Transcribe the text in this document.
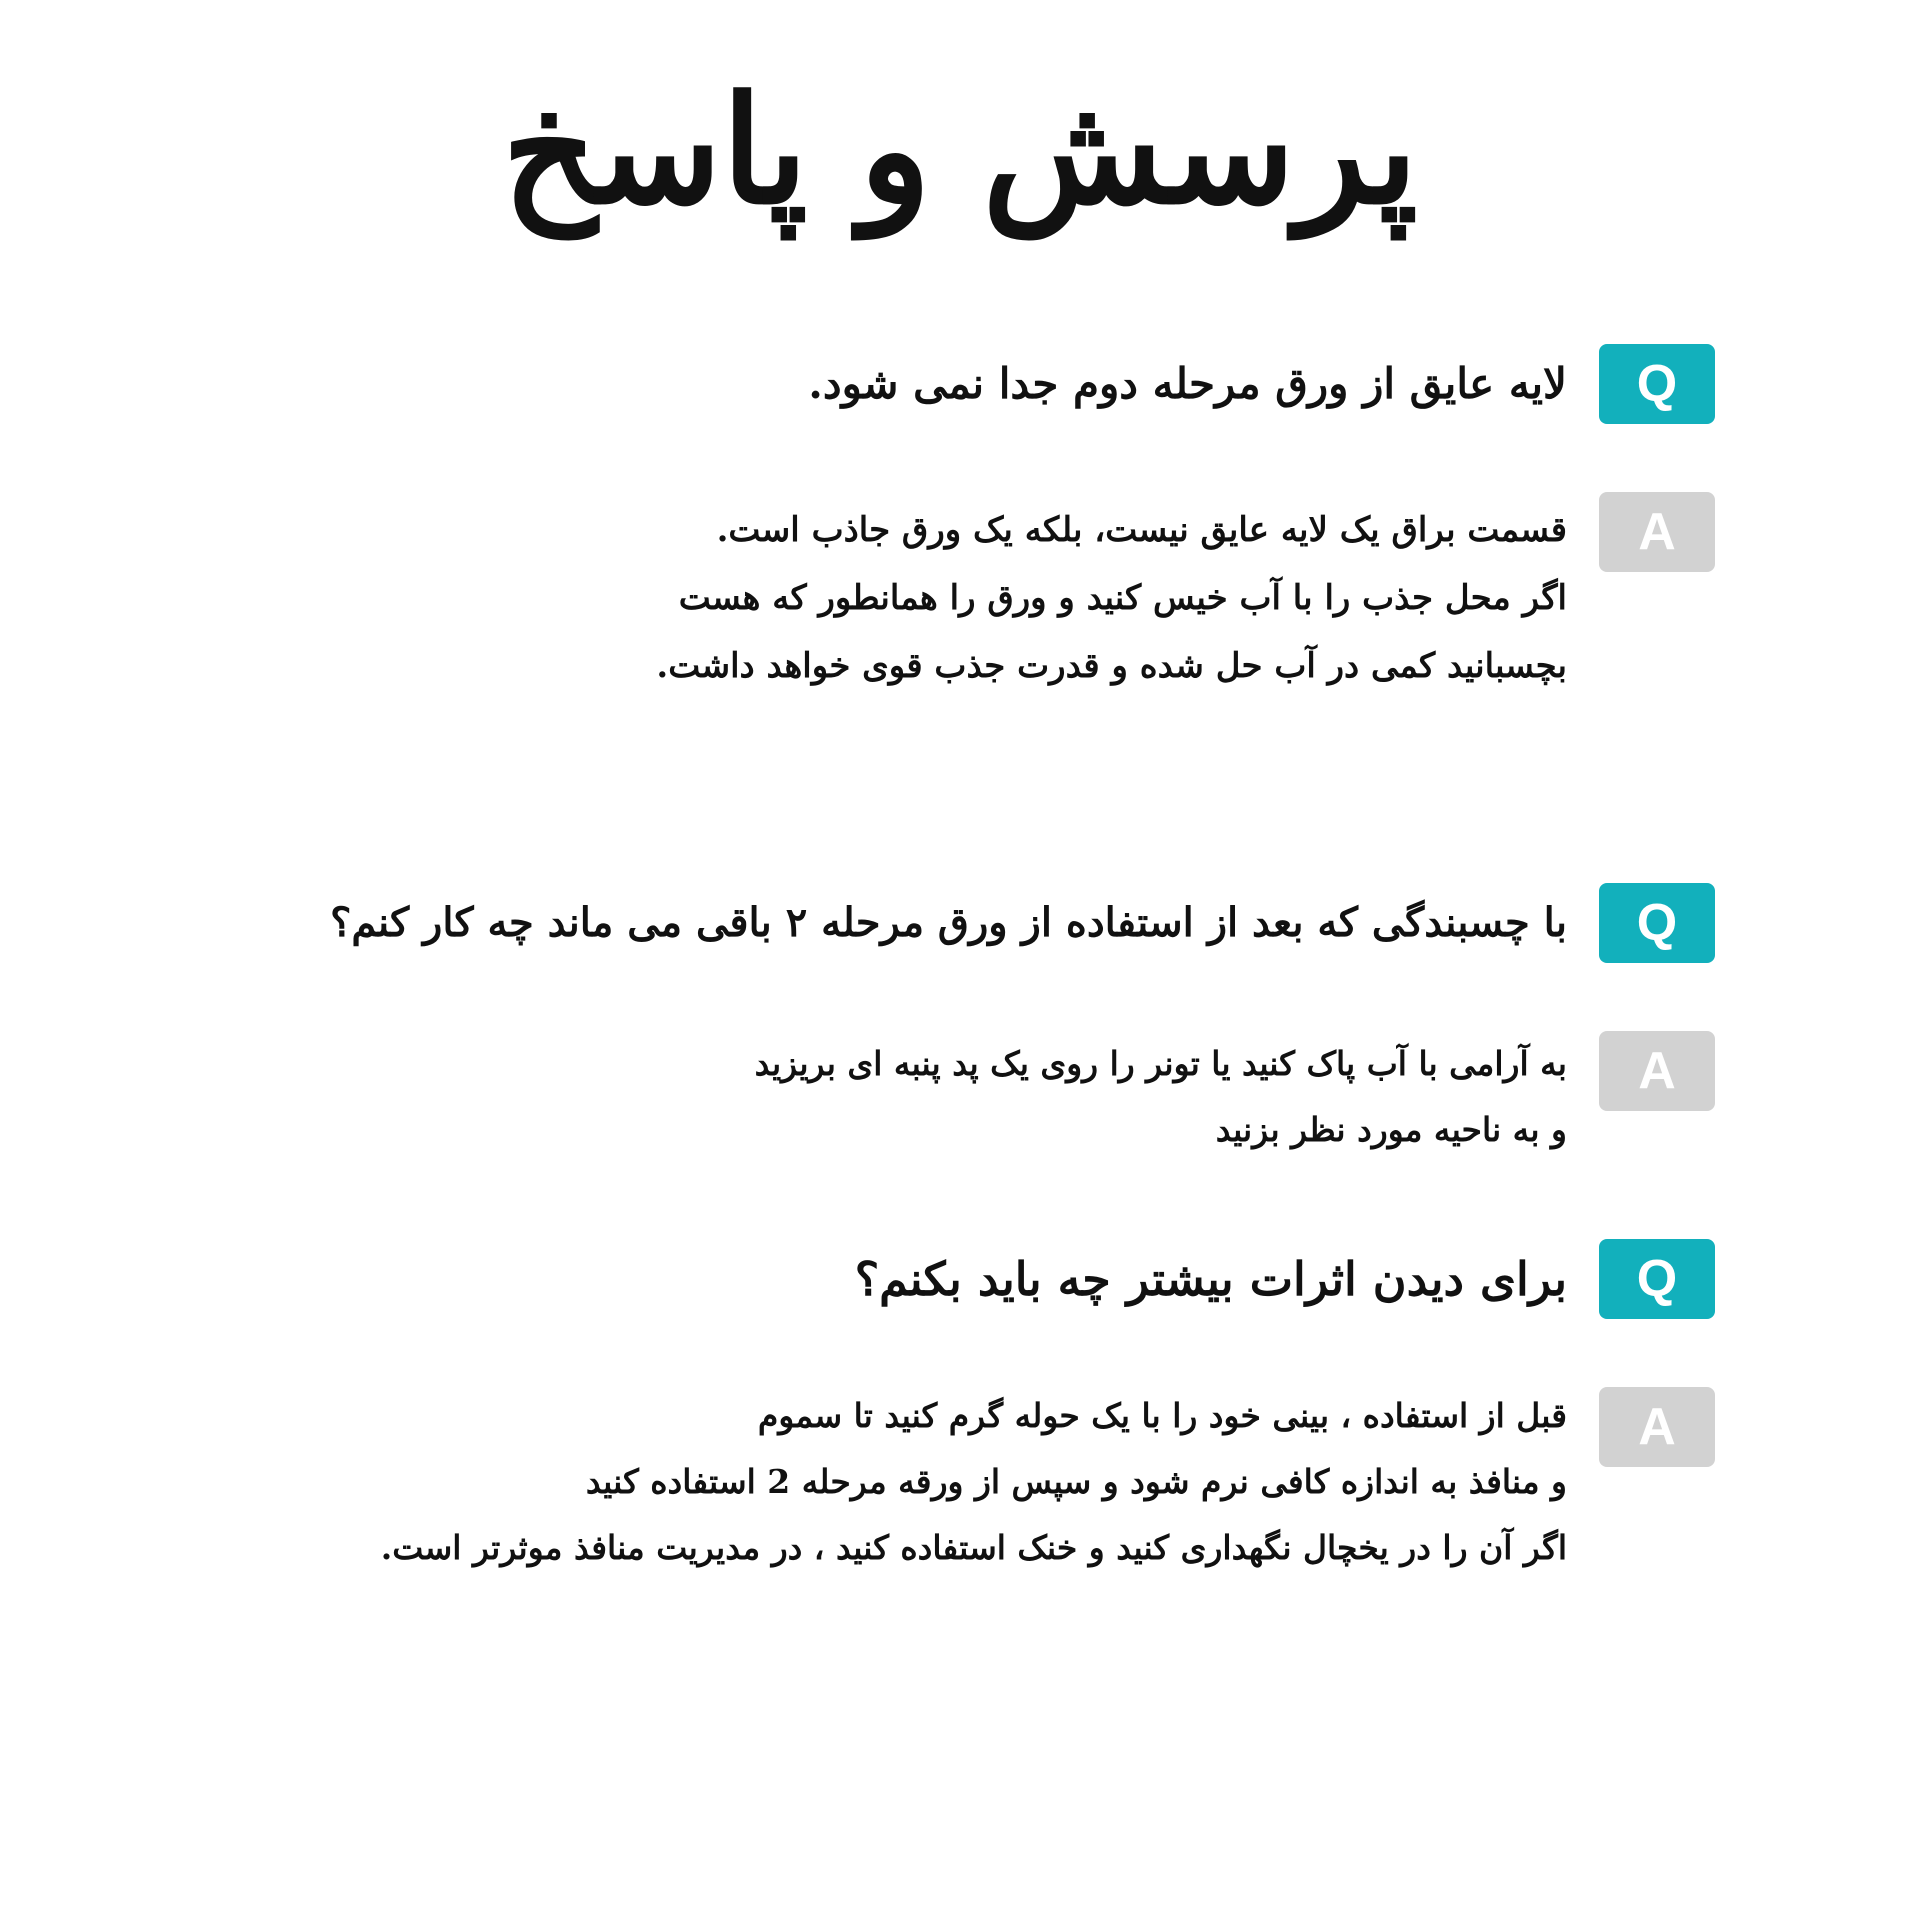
پرسش و پاسخ
Q
لایه عایق از ورق مرحله دوم جدا نمی شود.
A
قسمت براق یک لایه عایق نیست، بلکه یک ورق جاذب است.
اگر محل جذب را با آب خیس کنید و ورق را همانطور که هست
بچسبانید کمی در آب حل شده و قدرت جذب قوی خواهد داشت.
Q
با چسبندگی که بعد از استفاده از ورق مرحله ۲ باقی می ماند چه کار کنم؟
A
به آرامی با آب پاک کنید یا تونر را روی یک پد پنبه ای بریزید
و به ناحیه مورد نظر بزنید
Q
برای دیدن اثرات بیشتر چه باید بکنم؟
A
قبل از استفاده ، بینی خود را با یک حوله گرم کنید تا سموم
و منافذ به اندازه کافی نرم شود و سپس از ورقه مرحله 2 استفاده کنید
اگر آن را در یخچال نگهداری کنید و خنک استفاده کنید ، در مدیریت منافذ موثرتر است.
